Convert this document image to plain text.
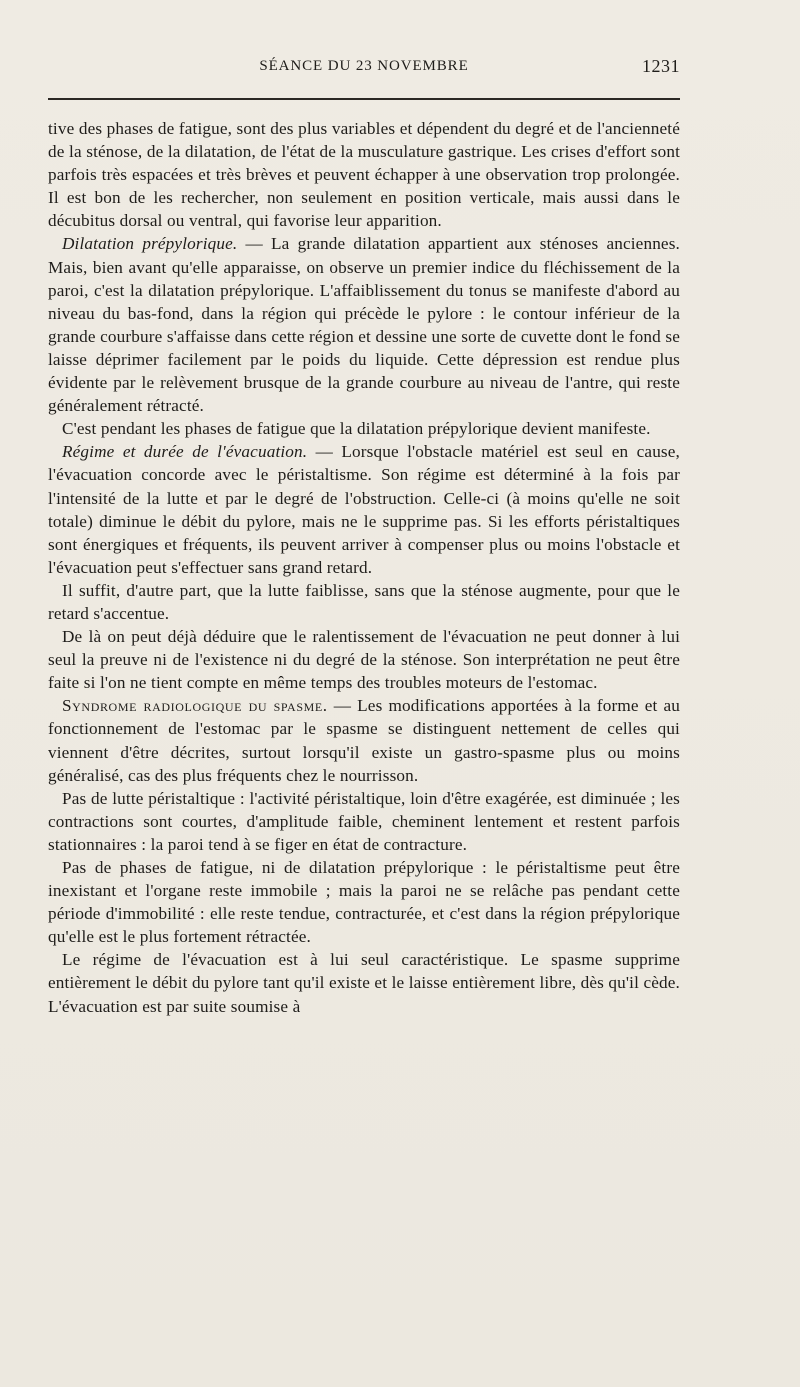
SÉANCE DU 23 NOVEMBRE	1231

tive des phases de fatigue, sont des plus variables et dépendent du degré et de l'ancienneté de la sténose, de la dilatation, de l'état de la musculature gastrique. Les crises d'effort sont parfois très espacées et très brèves et peuvent échapper à une observation trop prolongée. Il est bon de les rechercher, non seulement en position verticale, mais aussi dans le décubitus dorsal ou ventral, qui favorise leur apparition.

Dilatation prépylorique. — La grande dilatation appartient aux sténoses anciennes. Mais, bien avant qu'elle apparaisse, on observe un premier indice du fléchissement de la paroi, c'est la dilatation prépylorique. L'affaiblissement du tonus se manifeste d'abord au niveau du bas-fond, dans la région qui précède le pylore : le contour inférieur de la grande courbure s'affaisse dans cette région et dessine une sorte de cuvette dont le fond se laisse déprimer facilement par le poids du liquide. Cette dépression est rendue plus évidente par le relèvement brusque de la grande courbure au niveau de l'antre, qui reste généralement rétracté.

C'est pendant les phases de fatigue que la dilatation prépylorique devient manifeste.

Régime et durée de l'évacuation. — Lorsque l'obstacle matériel est seul en cause, l'évacuation concorde avec le péristaltisme. Son régime est déterminé à la fois par l'intensité de la lutte et par le degré de l'obstruction. Celle-ci (à moins qu'elle ne soit totale) diminue le débit du pylore, mais ne le supprime pas. Si les efforts péristaltiques sont énergiques et fréquents, ils peuvent arriver à compenser plus ou moins l'obstacle et l'évacuation peut s'effectuer sans grand retard.

Il suffit, d'autre part, que la lutte faiblisse, sans que la sténose augmente, pour que le retard s'accentue.

De là on peut déjà déduire que le ralentissement de l'évacuation ne peut donner à lui seul la preuve ni de l'existence ni du degré de la sténose. Son interprétation ne peut être faite si l'on ne tient compte en même temps des troubles moteurs de l'estomac.

Syndrome radiologique du spasme. — Les modifications apportées à la forme et au fonctionnement de l'estomac par le spasme se distinguent nettement de celles qui viennent d'être décrites, surtout lorsqu'il existe un gastro-spasme plus ou moins généralisé, cas des plus fréquents chez le nourrisson.

Pas de lutte péristaltique : l'activité péristaltique, loin d'être exagérée, est diminuée ; les contractions sont courtes, d'amplitude faible, cheminent lentement et restent parfois stationnaires : la paroi tend à se figer en état de contracture.

Pas de phases de fatigue, ni de dilatation prépylorique : le péristaltisme peut être inexistant et l'organe reste immobile ; mais la paroi ne se relâche pas pendant cette période d'immobilité : elle reste tendue, contracturée, et c'est dans la région prépylorique qu'elle est le plus fortement rétractée.

Le régime de l'évacuation est à lui seul caractéristique. Le spasme supprime entièrement le débit du pylore tant qu'il existe et le laisse entièrement libre, dès qu'il cède. L'évacuation est par suite soumise à
